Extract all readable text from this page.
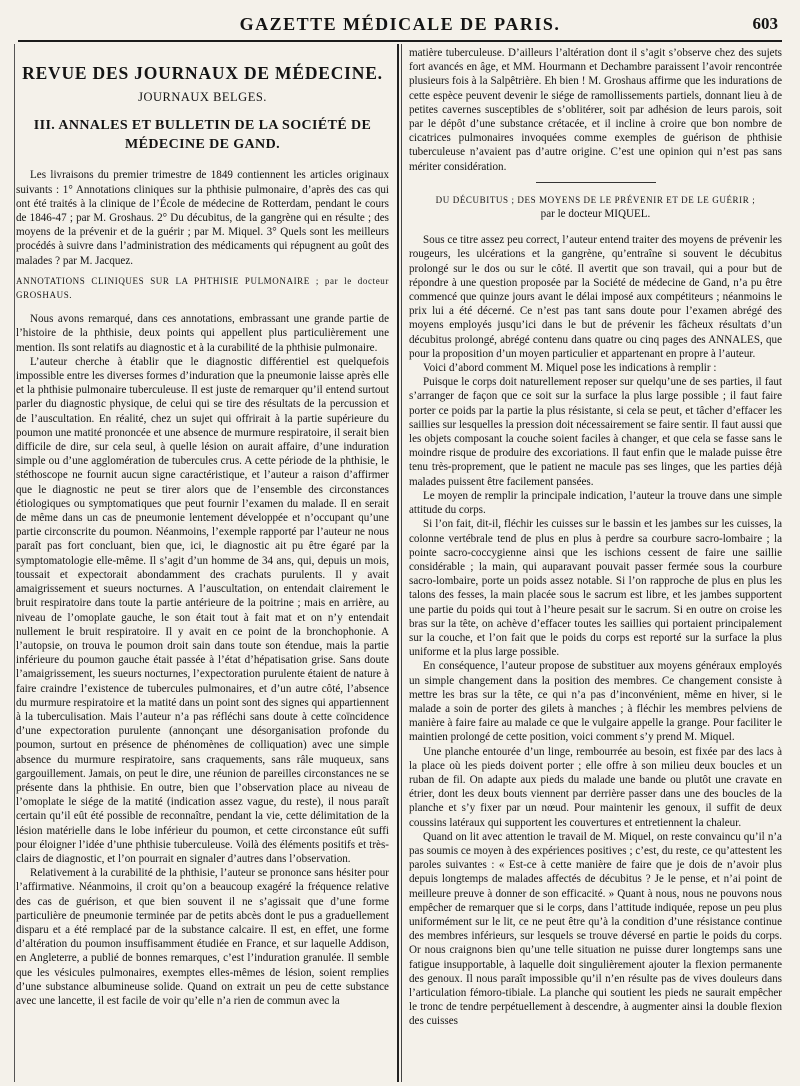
GAZETTE MÉDICALE DE PARIS.	603
REVUE DES JOURNAUX DE MÉDECINE.
JOURNAUX BELGES.
III. ANNALES ET BULLETIN DE LA SOCIÉTÉ DE
MÉDECINE DE GAND.

Les livraisons du premier trimestre de 1849 contiennent les articles originaux suivants : 1° Annotations cliniques sur la phthisie pulmonaire, d’après des cas qui ont été traités à la clinique de l’École de médecine de Rotterdam, pendant le cours de 1846-47 ; par M. Groshaus. 2° Du décubitus, de la gangrène qui en résulte ; des moyens de la prévenir et de la guérir ; par M. Miquel. 3° Quels sont les meilleurs procédés à suivre dans l’administration des médicaments qui répugnent au goût des malades ? par M. Jacquez.

ANNOTATIONS CLINIQUES SUR LA PHTHISIE PULMONAIRE ; par le docteur GROSHAUS.

Nous avons remarqué, dans ces annotations, embrassant une grande partie de l’histoire de la phthisie, deux points qui appellent plus particulièrement une mention. Ils sont relatifs au diagnostic et à la curabilité de la phthisie pulmonaire.

L’auteur cherche à établir que le diagnostic différentiel est quelquefois impossible entre les diverses formes d’induration que la pneumonie laisse après elle et la phthisie pulmonaire tuberculeuse. Il est juste de remarquer qu’il entend surtout parler du diagnostic physique, de celui qui se tire des résultats de la percussion et de l’auscultation. En réalité, chez un sujet qui offrirait à la partie supérieure du poumon une matité prononcée et une absence de murmure respiratoire, il serait bien difficile de dire, sur cela seul, à quelle lésion on aurait affaire, d’une induration simple ou d’une agglomération de tubercules crus. A cette période de la phthisie, le stéthoscope ne fournit aucun signe caractéristique, et l’auteur a raison d’affirmer que le diagnostic ne peut se tirer alors que de l’ensemble des circonstances étiologiques ou symptomatiques que peut fournir l’examen du malade. Il en serait de même dans un cas de pneumonie lentement développée et n’occupant qu’une partie circonscrite du poumon. Néanmoins, l’exemple rapporté par l’auteur ne nous paraît pas fort concluant, bien que, ici, le diagnostic ait pu être égaré par la symptomatologie elle-même. Il s’agit d’un homme de 34 ans, qui, depuis un mois, toussait et expectorait abondamment des crachats purulents. Il y avait amaigrissement et sueurs nocturnes. A l’auscultation, on entendait clairement le bruit respiratoire dans toute la partie antérieure de la poitrine ; mais en arrière, au niveau de l’omoplate gauche, le son était tout à fait mat et on n’y entendait nullement le bruit respiratoire. Il y avait en ce point de la bronchophonie. A l’autopsie, on trouva le poumon droit sain dans toute son étendue, mais la partie inférieure du poumon gauche était passée à l’état d’hépatisation grise. Sans doute l’amaigrissement, les sueurs nocturnes, l’expectoration purulente étaient de nature à faire craindre l’existence de tubercules pulmonaires, et d’un autre côté, l’absence du murmure respiratoire et la matité dans un point sont des signes qui appartiennent à la tuberculisation. Mais l’auteur n’a pas réfléchi sans doute à cette coïncidence d’une expectoration purulente (annonçant une désorganisation profonde du poumon, surtout en présence de phénomènes de colliquation) avec une simple absence du murmure respiratoire, sans craquements, sans râle muqueux, sans gargouillement. Jamais, on peut le dire, une réunion de pareilles circonstances ne se présente dans la phthisie. En outre, bien que l’observation place au niveau de l’omoplate le siége de la matité (indication assez vague, du reste), il nous paraît certain qu’il eût été possible de reconnaître, pendant la vie, cette délimitation de la lésion matérielle dans le lobe inférieur du poumon, et cette circonstance eût suffi pour éloigner l’idée d’une phthisie tuberculeuse. Voilà des éléments positifs et très-clairs de diagnostic, et l’on pourrait en signaler d’autres dans l’observation.

Relativement à la curabilité de la phthisie, l’auteur se prononce sans hésiter pour l’affirmative. Néanmoins, il croit qu’on a beaucoup exagéré la fréquence relative des cas de guérison, et que bien souvent il ne s’agissait que d’une forme particulière de pneumonie terminée par de petits abcès dont le pus a graduellement disparu et a été remplacé par de la substance calcaire. Il est, en effet, une forme d’altération du poumon insuffisamment étudiée en France, et sur laquelle Addison, en Angleterre, a publié de bonnes remarques, c’est l’induration granulée. Il semble que les vésicules pulmonaires, exemptes elles-mêmes de lésion, soient remplies d’une substance albumineuse solide. Quand on extrait un peu de cette substance avec une lancette, il est facile de voir qu’elle n’a rien de commun avec la

matière tuberculeuse. D’ailleurs l’altération dont il s’agit s’observe chez des sujets fort avancés en âge, et MM. Hourmann et Dechambre paraissent l’avoir rencontrée plusieurs fois à la Salpêtrière. Eh bien ! M. Groshaus affirme que les indurations de cette espèce peuvent devenir le siége de ramollissements partiels, donnant lieu à de petites cavernes susceptibles de s’oblitérer, soit par adhésion de leurs parois, soit par le dépôt d’une substance crétacée, et il incline à croire que bon nombre de cicatrices pulmonaires invoquées comme exemples de guérison de phthisie tuberculeuse n’avaient pas d’autre origine. C’est une opinion qui n’est pas sans mériter considération.

DU DÉCUBITUS ; DES MOYENS DE LE PRÉVENIR ET DE LE GUÉRIR ;
par le docteur MIQUEL.

Sous ce titre assez peu correct, l’auteur entend traiter des moyens de prévenir les rougeurs, les ulcérations et la gangrène, qu’entraîne si souvent le décubitus prolongé sur le dos ou sur le côté. Il avertit que son travail, qui a pour but de répondre à une question proposée par la Société de médecine de Gand, n’a pu être commencé que quinze jours avant le délai imposé aux compétiteurs ; néanmoins le prix lui a été décerné. Ce n’est pas tant sans doute pour l’examen abrégé des moyens employés jusqu’ici dans le but de prévenir les fâcheux résultats d’un décubitus prolongé, abrégé contenu dans quatre ou cinq pages des ANNALES, que pour la proposition d’un moyen particulier et appartenant en propre à l’auteur.

Voici d’abord comment M. Miquel pose les indications à remplir :

Puisque le corps doit naturellement reposer sur quelqu’une de ses parties, il faut s’arranger de façon que ce soit sur la surface la plus large possible ; il faut faire porter ce poids par la partie la plus résistante, si cela se peut, et tâcher d’effacer les saillies sur lesquelles la pression doit nécessairement se faire sentir. Il faut aussi que les objets composant la couche soient faciles à changer, et que cela se fasse sans le moindre risque de produire des excoriations. Il faut enfin que le malade puisse être tenu très-proprement, que le patient ne macule pas ses linges, que les parties déjà malades puissent être facilement pansées.

Le moyen de remplir la principale indication, l’auteur la trouve dans une simple attitude du corps.

Si l’on fait, dit-il, fléchir les cuisses sur le bassin et les jambes sur les cuisses, la colonne vertébrale tend de plus en plus à perdre sa courbure sacro-lombaire ; la pointe sacro-coccygienne ainsi que les ischions cessent de faire une saillie considérable ; la main, qui auparavant pouvait passer fermée sous la courbure sacro-lombaire, porte un poids assez notable. Si l’on rapproche de plus en plus les talons des fesses, la main placée sous le sacrum est libre, et les jambes supportent une partie du poids qui tout à l’heure pesait sur le sacrum. Si en outre on croise les bras sur la tête, on achève d’effacer toutes les saillies qui portaient principalement sur la couche, et l’on fait que le poids du corps est reporté sur la surface la plus uniforme et la plus large possible.

En conséquence, l’auteur propose de substituer aux moyens généraux employés un simple changement dans la position des membres. Ce changement consiste à mettre les bras sur la tête, ce qui n’a pas d’inconvénient, même en hiver, si le malade a soin de porter des gilets à manches ; à fléchir les membres pelviens de manière à faire faire au malade ce que le vulgaire appelle la grange. Pour faciliter le maintien prolongé de cette position, voici comment s’y prend M. Miquel.

Une planche entourée d’un linge, rembourrée au besoin, est fixée par des lacs à la place où les pieds doivent porter ; elle offre à son milieu deux boucles et un ruban de fil. On adapte aux pieds du malade une bande ou plutôt une cravate en étrier, dont les deux bouts viennent par derrière passer dans une des boucles de la planche et s’y fixer par un nœud. Pour maintenir les genoux, il suffit de deux coussins latéraux qui supportent les couvertures et entretiennent la chaleur.

Quand on lit avec attention le travail de M. Miquel, on reste convaincu qu’il n’a pas soumis ce moyen à des expériences positives ; c’est, du reste, ce qu’attestent les paroles suivantes : « Est-ce à cette manière de faire que je dois de n’avoir plus depuis longtemps de malades affectés de décubitus ? Je le pense, et n’ai point de meilleure preuve à donner de son efficacité. » Quant à nous, nous ne pouvons nous empêcher de remarquer que si le corps, dans l’attitude indiquée, repose un peu plus uniformément sur le lit, ce ne peut être qu’à la condition d’une résistance continue des membres inférieurs, sur lesquels se trouve déversé en partie le poids du corps. Or nous craignons bien qu’une telle situation ne puisse durer longtemps sans une fatigue insupportable, à laquelle doit singulièrement ajouter la flexion permanente des genoux. Il nous paraît impossible qu’il n’en résulte pas de vives douleurs dans l’articulation fémoro-tibiale. La planche qui soutient les pieds ne saurait empêcher le tronc de tendre perpétuellement à descendre, à augmenter ainsi la double flexion des cuisses
